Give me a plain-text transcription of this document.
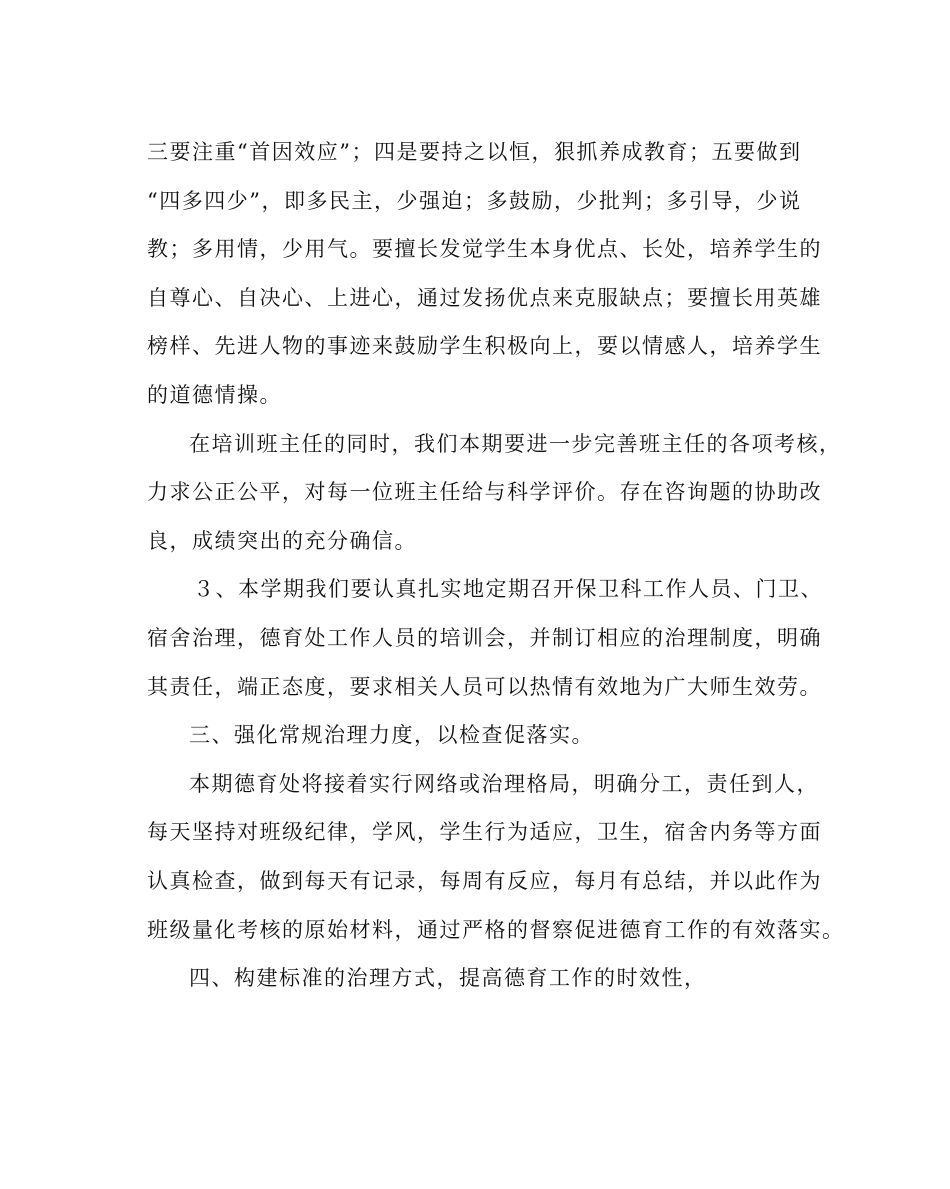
三要注重“首因效应”；四是要持之以恒，狠抓养成教育；五要做到
“四多四少”，即多民主，少强迫；多鼓励，少批判；多引导，少说
教；多用情，少用气。要擅长发觉学生本身优点、长处，培养学生的
自尊心、自决心、上进心，通过发扬优点来克服缺点；要擅长用英雄
榜样、先进人物的事迹来鼓励学生积极向上，要以情感人，培养学生
的道德情操。
在培训班主任的同时，我们本期要进一步完善班主任的各项考核，
力求公正公平，对每一位班主任给与科学评价。存在咨询题的协助改
良，成绩突出的充分确信。
３、本学期我们要认真扎实地定期召开保卫科工作人员、门卫、
宿舍治理，德育处工作人员的培训会，并制订相应的治理制度，明确
其责任，端正态度，要求相关人员可以热情有效地为广大师生效劳。
三、强化常规治理力度，以检查促落实。
本期德育处将接着实行网络或治理格局，明确分工，责任到人，
每天坚持对班级纪律，学风，学生行为适应，卫生，宿舍内务等方面
认真检查，做到每天有记录，每周有反应，每月有总结，并以此作为
班级量化考核的原始材料，通过严格的督察促进德育工作的有效落实。
四、构建标准的治理方式，提高德育工作的时效性，
